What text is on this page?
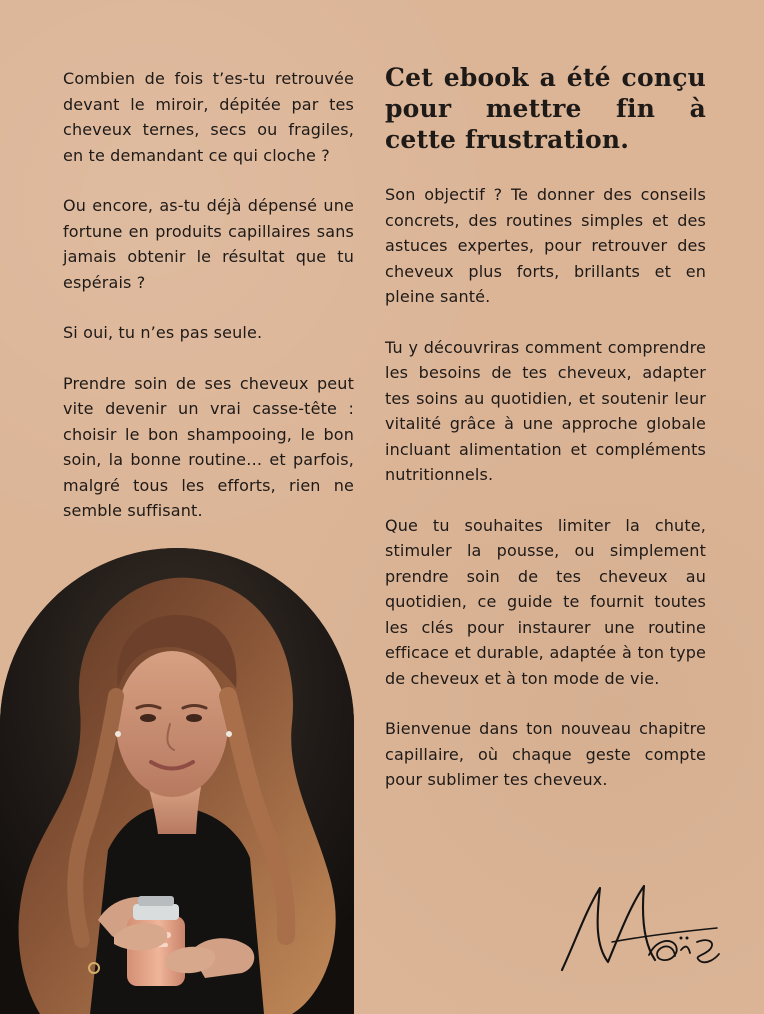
Combien de fois t’es-tu retrouvée devant le miroir, dépitée par tes cheveux ternes, secs ou fragiles, en te demandant ce qui cloche ?

Ou encore, as-tu déjà dépensé une fortune en produits capillaires sans jamais obtenir le résultat que tu espérais ?

Si oui, tu n’es pas seule.

Prendre soin de ses cheveux peut vite devenir un vrai casse-tête : choisir le bon shampooing, le bon soin, la bonne routine… et parfois, malgré tous les efforts, rien ne semble suffisant.

Cet ebook a été conçu pour mettre fin à cette frustration.

Son objectif ? Te donner des conseils concrets, des routines simples et des astuces expertes, pour retrouver des cheveux plus forts, brillants et en pleine santé.

Tu y découvriras comment comprendre les besoins de tes cheveux, adapter tes soins au quotidien, et soutenir leur vitalité grâce à une approche globale incluant alimentation et compléments nutritionnels.

Que tu souhaites limiter la chute, stimuler la pousse, ou simplement prendre soin de tes cheveux au quotidien, ce guide te fournit toutes les clés pour instaurer une routine efficace et durable, adaptée à ton type de cheveux et à ton mode de vie.

Bienvenue dans ton nouveau chapitre capillaire, où chaque geste compte pour sublimer tes cheveux.
